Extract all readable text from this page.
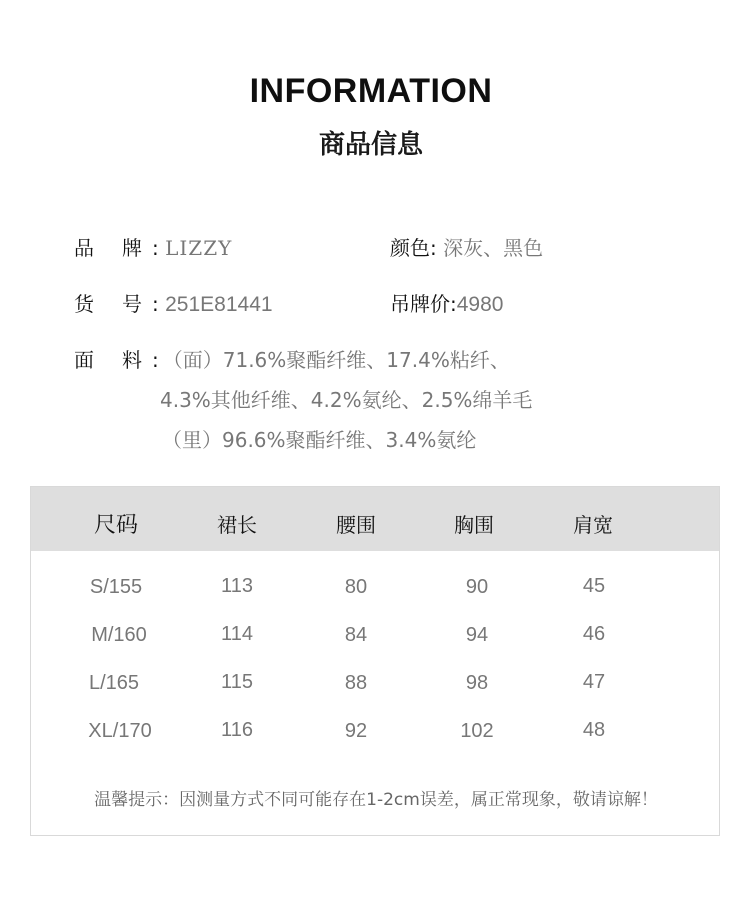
INFORMATION
商品信息
品 牌 : LIZZY	颜色: 深灰、黑色
货 号 : 251E81441	吊牌价:4980
面 料 : （面）71.6%聚酯纤维、17.4%粘纤、
4.3%其他纤维、4.2%氨纶、2.5%绵羊毛
（里）96.6%聚酯纤维、3.4%氨纶
尺码	裙长	腰围	胸围	肩宽
S/155	113	80	90	45
M/160	114	84	94	46
L/165	115	88	98	47
XL/170	116	92	102	48
温馨提示：因测量方式不同可能存在1-2cm误差，属正常现象，敬请谅解！
